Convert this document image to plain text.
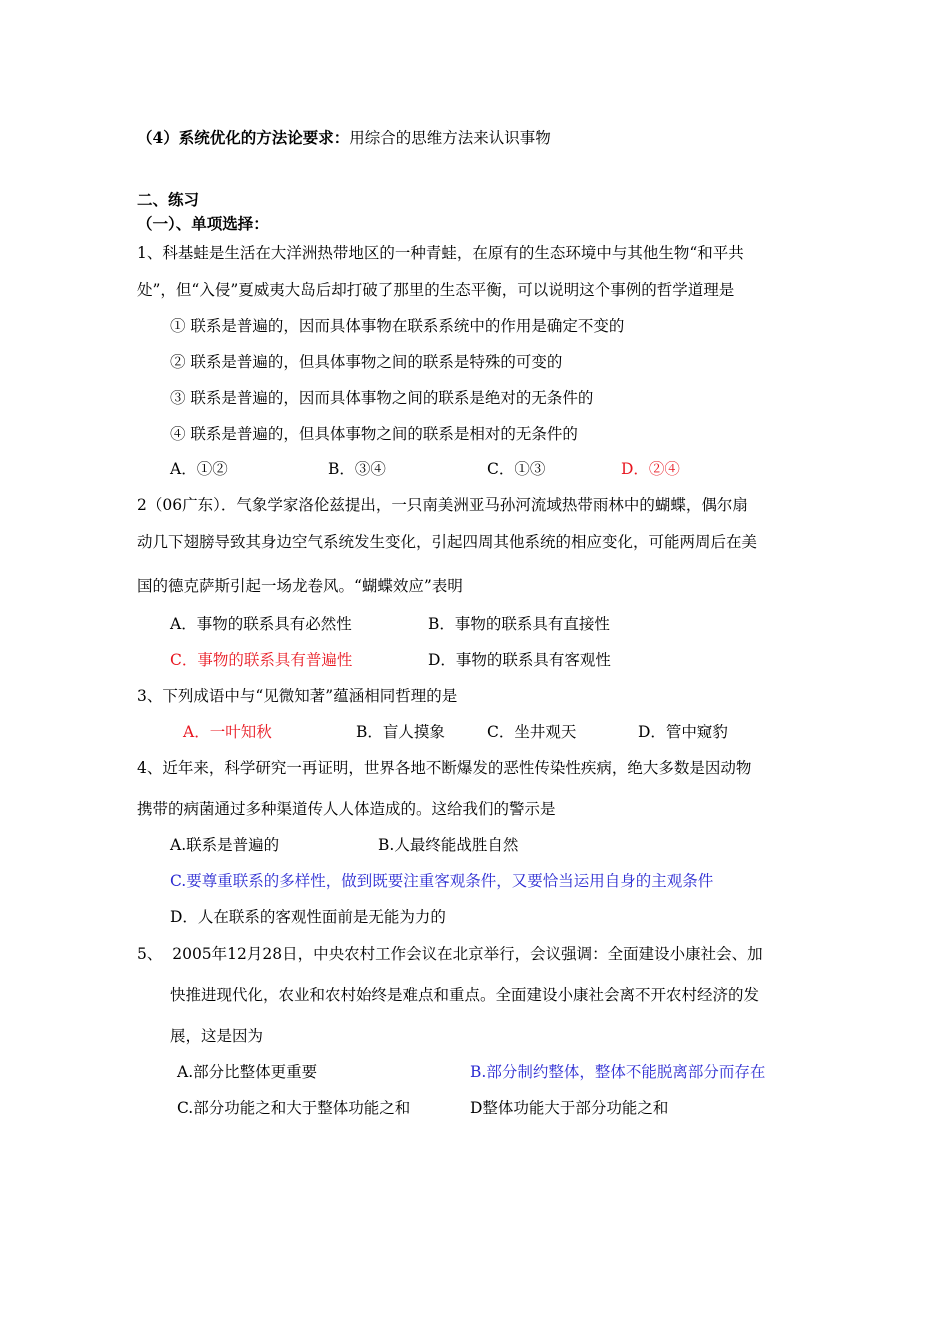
（4）系统优化的方法论要求：用综合的思维方法来认识事物
二、练习
（一）、单项选择：
1、科基蛙是生活在大洋洲热带地区的一种青蛙，在原有的生态环境中与其他生物“和平共
处”，但“入侵”夏威夷大岛后却打破了那里的生态平衡，可以说明这个事例的哲学道理是
① 联系是普遍的，因而具体事物在联系系统中的作用是确定不变的
② 联系是普遍的，但具体事物之间的联系是特殊的可变的
③ 联系是普遍的，因而具体事物之间的联系是绝对的无条件的
④ 联系是普遍的，但具体事物之间的联系是相对的无条件的
A．①②	B．③④	C．①③	D．②④
2（06广东）．气象学家洛伦兹提出，一只南美洲亚马孙河流域热带雨林中的蝴蝶，偶尔扇
动几下翅膀导致其身边空气系统发生变化，引起四周其他系统的相应变化，可能两周后在美
国的德克萨斯引起一场龙卷风。“蝴蝶效应”表明
A．事物的联系具有必然性	B．事物的联系具有直接性
C．事物的联系具有普遍性	D．事物的联系具有客观性
3、下列成语中与“见微知著”蕴涵相同哲理的是
A．一叶知秋	B．盲人摸象	C．坐井观天	D．管中窥豹
4、近年来，科学研究一再证明，世界各地不断爆发的恶性传染性疾病，绝大多数是因动物
携带的病菌通过多种渠道传人人体造成的。这给我们的警示是
A.联系是普遍的	B.人最终能战胜自然
C.要尊重联系的多样性，做到既要注重客观条件，又要恰当运用自身的主观条件
D．人在联系的客观性面前是无能为力的
5、  2005年12月28日，中央农村工作会议在北京举行，会议强调：全面建设小康社会、加
快推进现代化，农业和农村始终是难点和重点。全面建设小康社会离不开农村经济的发
展，这是因为
A.部分比整体更重要	B.部分制约整体，整体不能脱离部分而存在
C.部分功能之和大于整体功能之和	D整体功能大于部分功能之和
